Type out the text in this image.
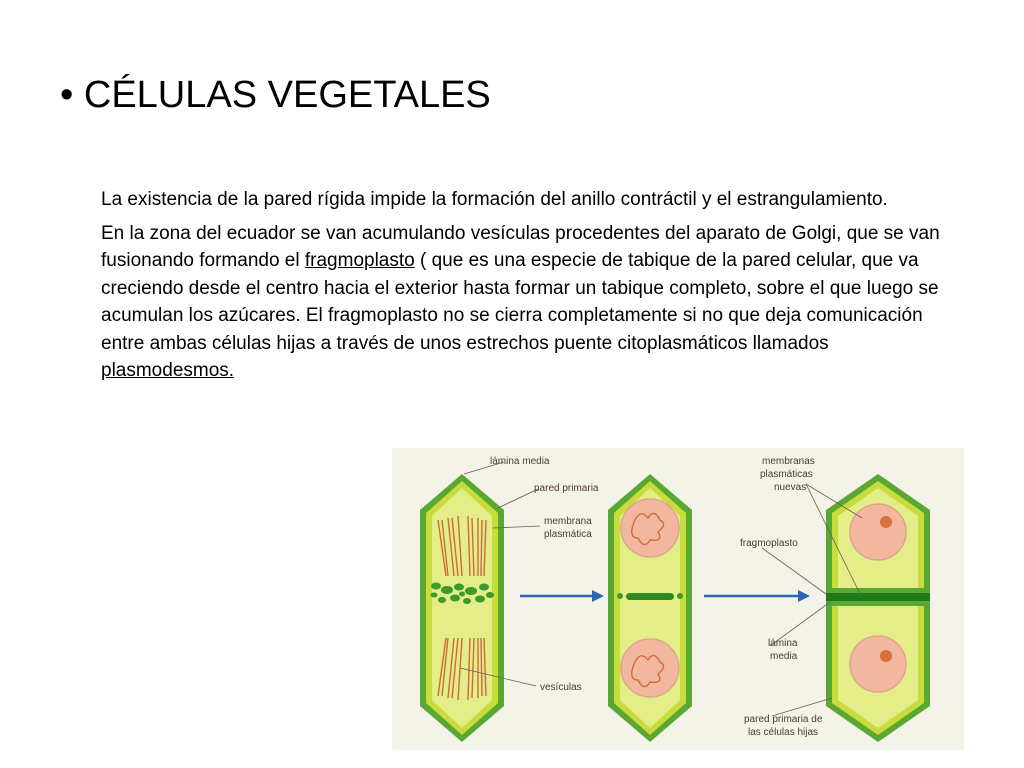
• CÉLULAS VEGETALES

La existencia de la pared rígida impide la formación del anillo contráctil y el estrangulamiento.

En la zona del ecuador se van acumulando vesículas procedentes del aparato de Golgi, que se van fusionando formando el fragmoplasto ( que es una especie de tabique de la pared celular, que va creciendo desde el centro hacia el exterior hasta formar un tabique completo, sobre el que luego se acumulan los azúcares. El fragmoplasto no se cierra completamente si no que deja comunicación entre ambas células hijas a través de unos estrechos puente citoplasmáticos llamados plasmodesmos.

lámina media
pared primaria
membrana
plasmática
vesículas
membranas
plasmáticas
nuevas
fragmoplasto
lámina
media
pared primaria de
las células hijas
